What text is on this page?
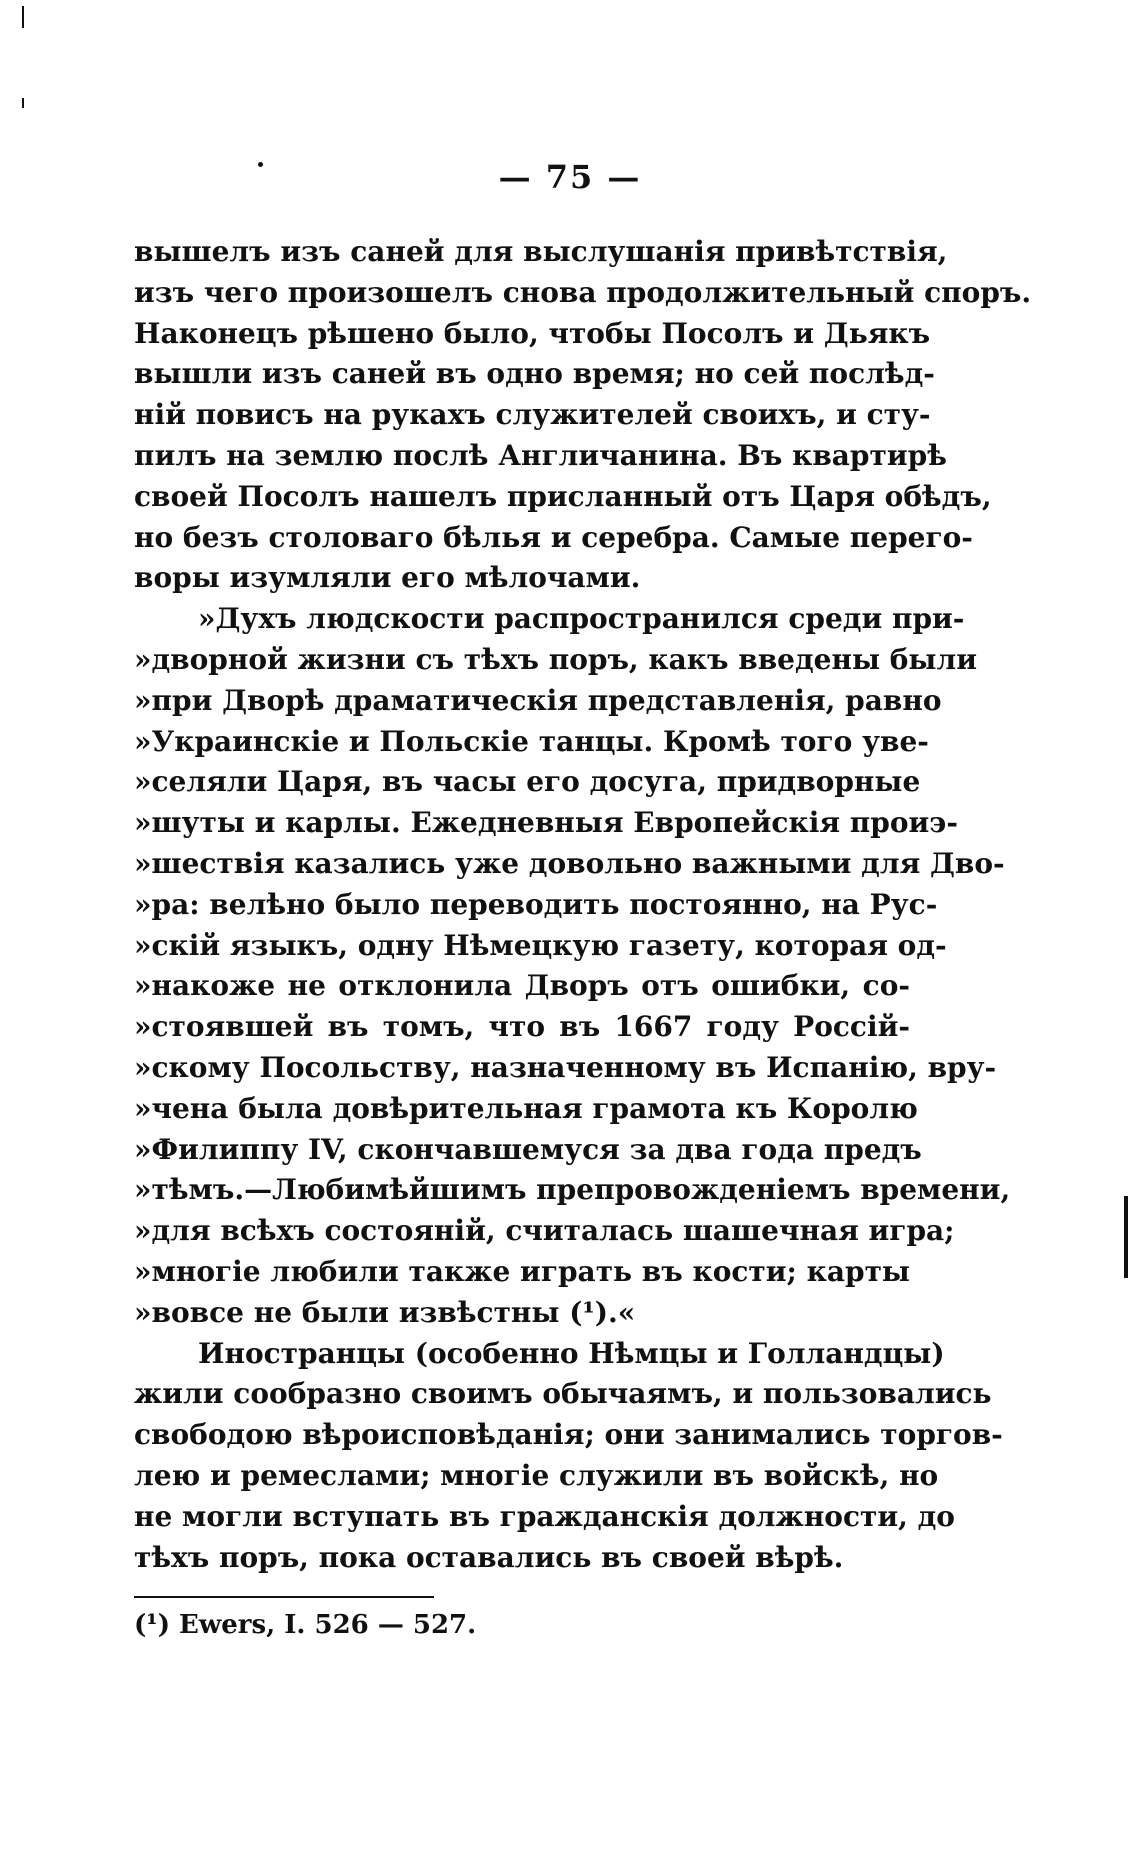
— 75 —
вышелъ изъ саней для выслушанія привѣтствія,
изъ чего произошелъ снова продолжительный споръ.
Наконецъ рѣшено было, чтобы Посолъ и Дьякъ
вышли изъ саней въ одно время; но сей послѣд-
ній повисъ на рукахъ служителей своихъ, и сту-
пилъ на землю послѣ Англичанина. Въ квартирѣ
своей Посолъ нашелъ присланный отъ Царя обѣдъ,
но безъ столоваго бѣлья и серебра. Самые перего-
воры изумляли его мѣлочами.
»Духъ людскости распространился среди при-
»дворной жизни съ тѣхъ поръ, какъ введены были
»при Дворѣ драматическія представленія, равно
»Украинскіе и Польскіе танцы. Кромѣ того уве-
»селяли Царя, въ часы его досуга, придворные
»шуты и карлы. Ежедневныя Европейскія проиэ-
»шествія казались уже довольно важными для Дво-
»ра: велѣно было переводить постоянно, на Рус-
»скій языкъ, одну Нѣмецкую газету, которая од-
»накоже не отклонила Дворъ отъ ошибки, со-
»стоявшей въ томъ, что въ 1667 году Россій-
»скому Посольству, назначенному въ Испанію, вру-
»чена была довѣрительная грамота къ Королю
»Филиппу IV, скончавшемуся за два года предъ
»тѣмъ.—Любимѣйшимъ препровожденіемъ времени,
»для всѣхъ состояній, считалась шашечная игра;
»многіе любили также играть въ кости; карты
»вовсе не были извѣстны (¹).«
Иностранцы (особенно Нѣмцы и Голландцы)
жили сообразно своимъ обычаямъ, и пользовались
свободою вѣроисповѣданія; они занимались торгов-
лею и ремеслами; многіе служили въ войскѣ, но
не могли вступать въ гражданскія должности, до
тѣхъ поръ, пока оставались въ своей вѣрѣ.
(¹) Ewers, I. 526 — 527.
